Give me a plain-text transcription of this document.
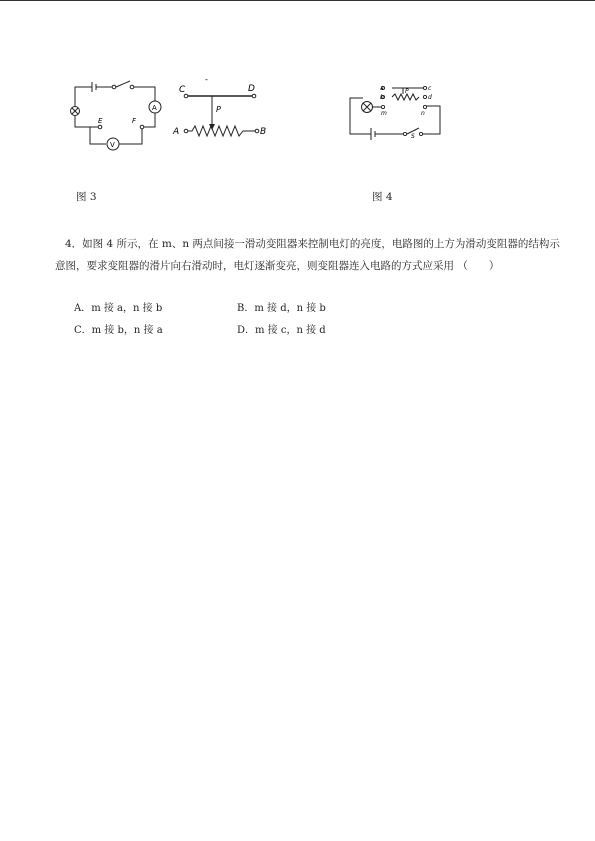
A
V
E	F
C	D
P
A	B
-
a	c
b	d
P
m	n
S
图 3	图 4

4．如图 4 所示，在 m、n 两点间接一滑动变阻器来控制电灯的亮度，电路图的上方为滑动变阻器的结构示意图，要求变阻器的滑片向右滑动时，电灯逐渐变亮，则变阻器连入电路的方式应采用 （　　）

A．m 接 a，n 接 b	B．m 接 d，n 接 b
C．m 接 b，n 接 a	D．m 接 c，n 接 d
